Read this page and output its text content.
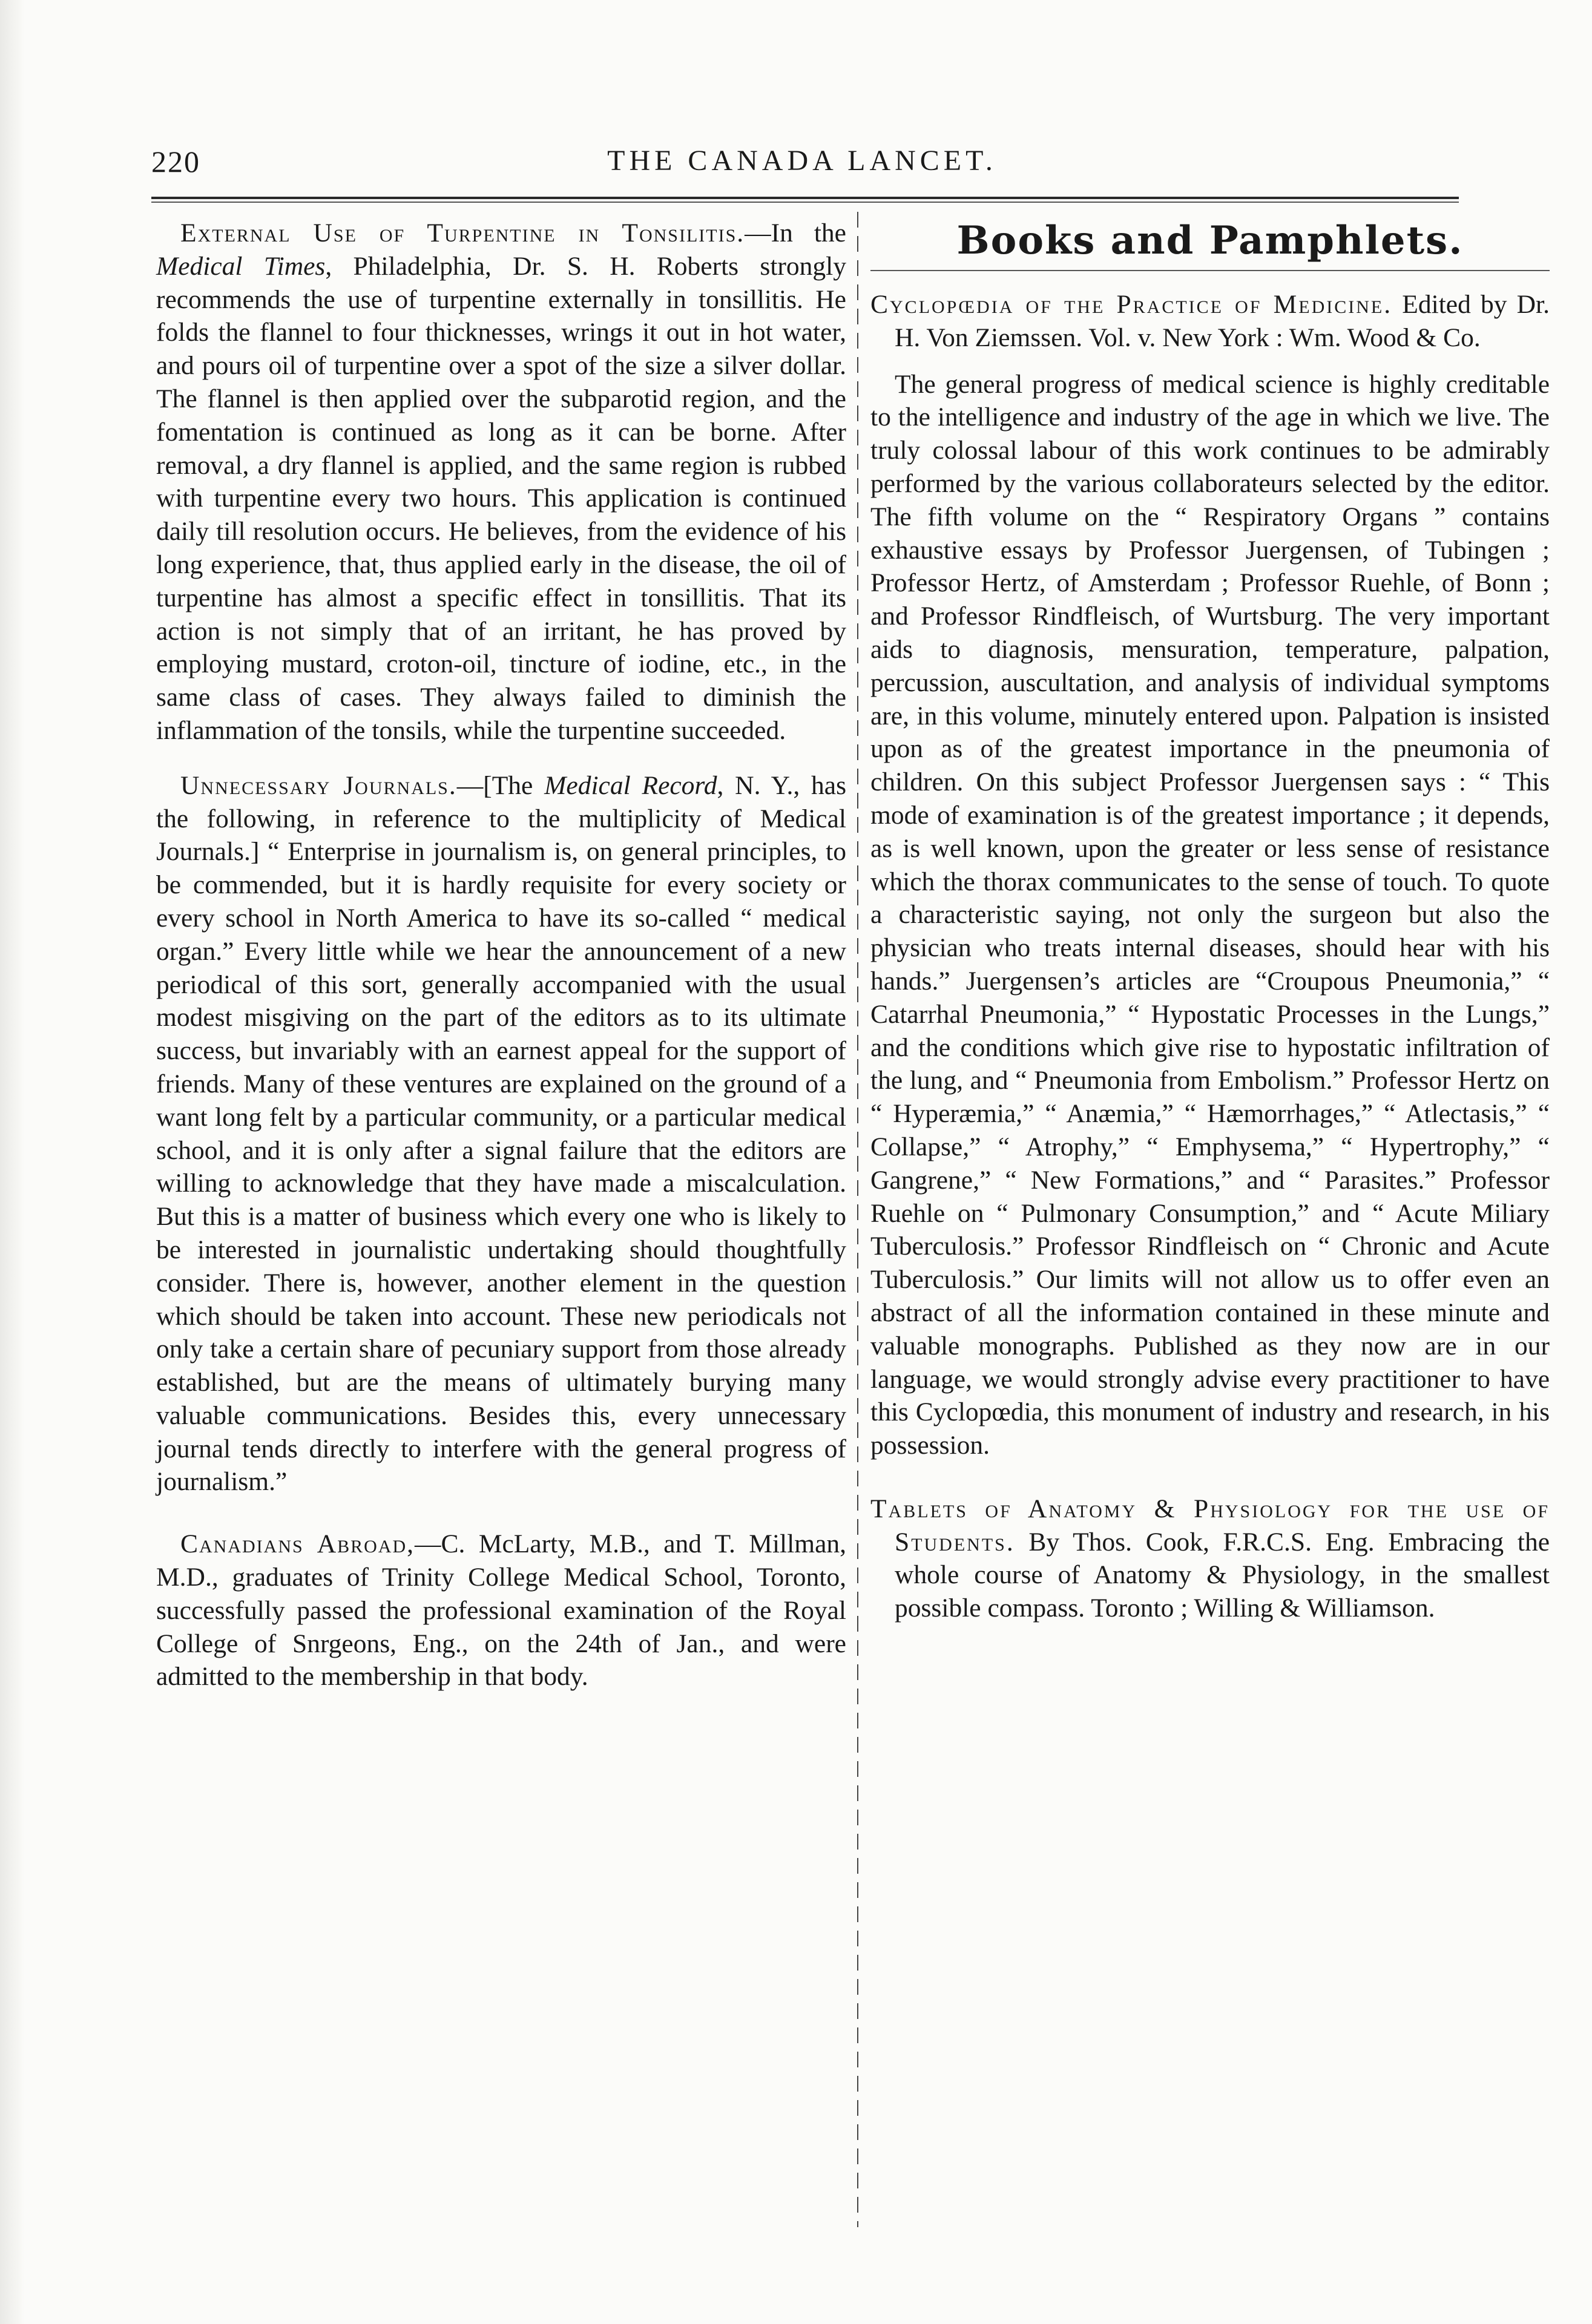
220	THE CANADA LANCET.

External Use of Turpentine in Tonsilitis.—In the Medical Times, Philadelphia, Dr. S. H. Roberts strongly recommends the use of turpentine externally in tonsillitis. He folds the flannel to four thicknesses, wrings it out in hot water, and pours oil of turpentine over a spot of the size a silver dollar. The flannel is then applied over the subparotid region, and the fomentation is continued as long as it can be borne. After removal, a dry flannel is applied, and the same region is rubbed with turpentine every two hours. This application is continued daily till resolution occurs. He believes, from the evidence of his long experience, that, thus applied early in the disease, the oil of turpentine has almost a specific effect in tonsillitis. That its action is not simply that of an irritant, he has proved by employing mustard, croton-oil, tincture of iodine, etc., in the same class of cases. They always failed to diminish the inflammation of the tonsils, while the turpentine succeeded.

Unnecessary Journals.—[The Medical Record, N. Y., has the following, in reference to the multiplicity of Medical Journals.] “ Enterprise in journalism is, on general principles, to be commended, but it is hardly requisite for every society or every school in North America to have its so-called “ medical organ.” Every little while we hear the announcement of a new periodical of this sort, generally accompanied with the usual modest misgiving on the part of the editors as to its ultimate success, but invariably with an earnest appeal for the support of friends. Many of these ventures are explained on the ground of a want long felt by a particular community, or a particular medical school, and it is only after a signal failure that the editors are willing to acknowledge that they have made a miscalculation. But this is a matter of business which every one who is likely to be interested in journalistic undertaking should thoughtfully consider. There is, however, another element in the question which should be taken into account. These new periodicals not only take a certain share of pecuniary support from those already established, but are the means of ultimately burying many valuable communications. Besides this, every unnecessary journal tends directly to interfere with the general progress of journalism.”

Canadians Abroad,—C. McLarty, M.B., and T. Millman, M.D., graduates of Trinity College Medical School, Toronto, successfully passed the professional examination of the Royal College of Snrgeons, Eng., on the 24th of Jan., and were admitted to the membership in that body.

Books and Pamphlets.

Cyclopœdia of the Practice of Medicine. Edited by Dr. H. Von Ziemssen. Vol. v. New York : Wm. Wood & Co.

The general progress of medical science is highly creditable to the intelligence and industry of the age in which we live. The truly colossal labour of this work continues to be admirably performed by the various collaborateurs selected by the editor. The fifth volume on the “ Respiratory Organs ” contains exhaustive essays by Professor Juergensen, of Tubingen ; Professor Hertz, of Amsterdam ; Professor Ruehle, of Bonn ; and Professor Rindfleisch, of Wurtsburg. The very important aids to diagnosis, mensuration, temperature, palpation, percussion, auscultation, and analysis of individual symptoms are, in this volume, minutely entered upon. Palpation is insisted upon as of the greatest importance in the pneumonia of children. On this subject Professor Juergensen says : “ This mode of examination is of the greatest importance ; it depends, as is well known, upon the greater or less sense of resistance which the thorax communicates to the sense of touch. To quote a characteristic saying, not only the surgeon but also the physician who treats internal diseases, should hear with his hands.” Juergensen’s articles are “Croupous Pneumonia,” “ Catarrhal Pneumonia,” “ Hypostatic Processes in the Lungs,” and the conditions which give rise to hypostatic infiltration of the lung, and “ Pneumonia from Embolism.” Professor Hertz on “ Hyperæmia,” “ Anæmia,” “ Hæmorrhages,” “ Atlectasis,” “ Collapse,” “ Atrophy,” “ Emphysema,” “ Hypertrophy,” “ Gangrene,” “ New Formations,” and “ Parasites.” Professor Ruehle on “ Pulmonary Consumption,” and “ Acute Miliary Tuberculosis.” Professor Rindfleisch on “ Chronic and Acute Tuberculosis.” Our limits will not allow us to offer even an abstract of all the information contained in these minute and valuable monographs. Published as they now are in our language, we would strongly advise every practitioner to have this Cyclopœdia, this monument of industry and research, in his possession.

Tablets of Anatomy & Physiology for the use of Students. By Thos. Cook, F.R.C.S. Eng. Embracing the whole course of Anatomy & Physiology, in the smallest possible compass. Toronto ; Willing & Williamson.
